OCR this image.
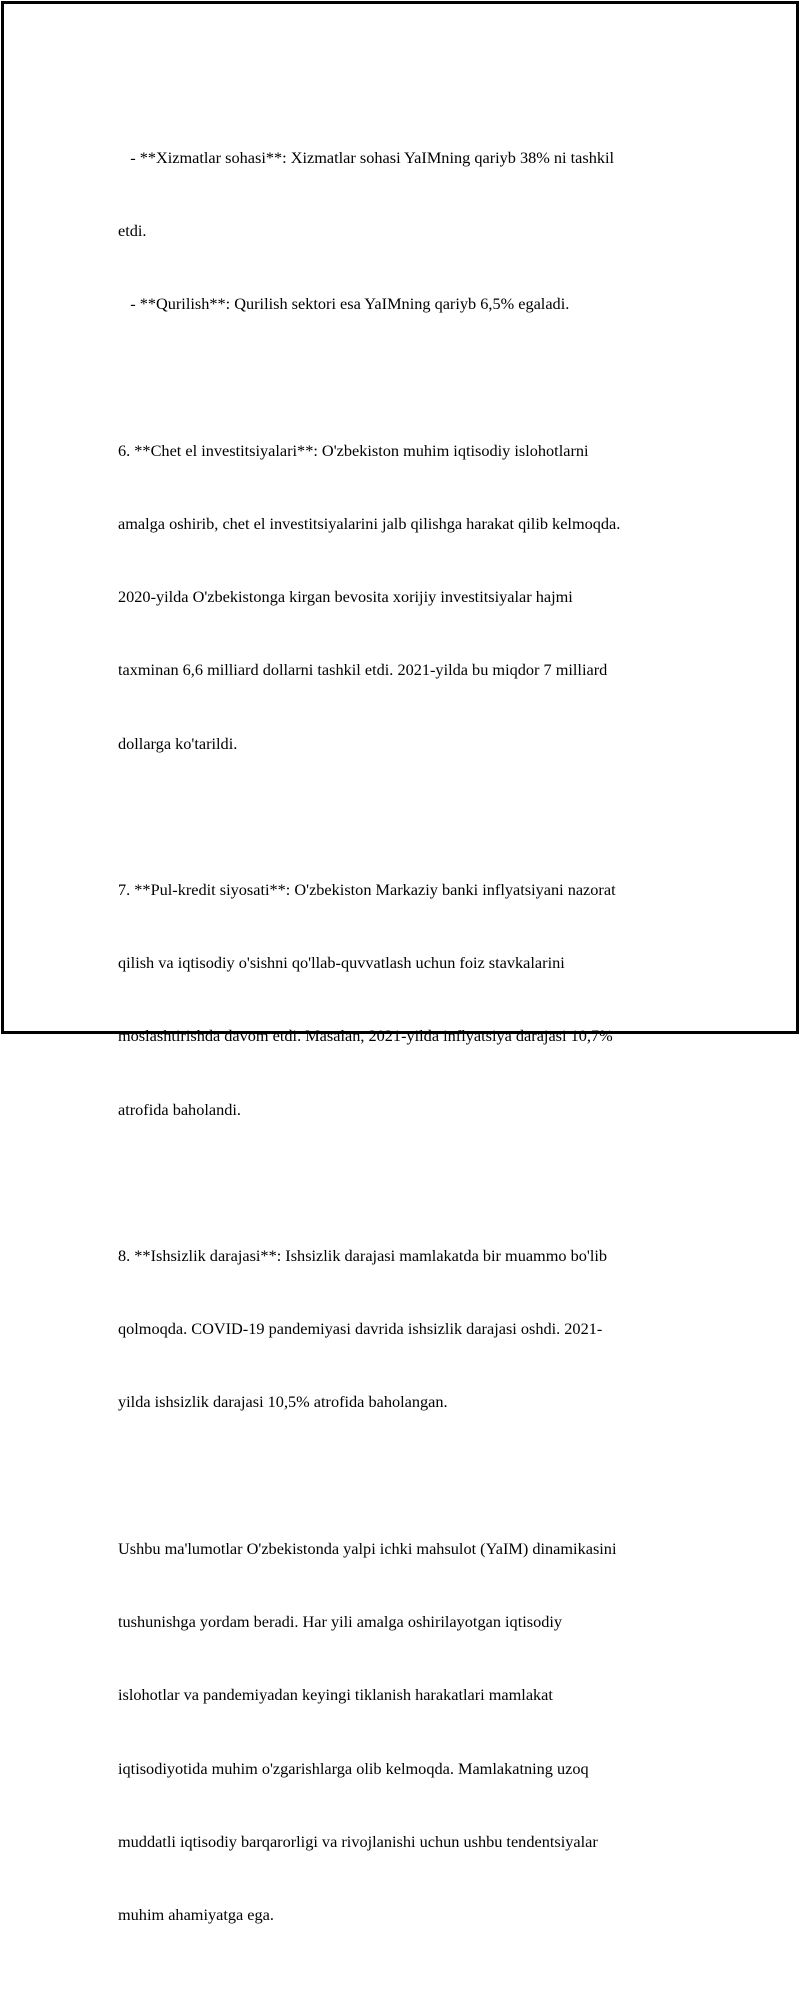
- **Xizmatlar sohasi**: Xizmatlar sohasi YaIMning qariyb 38% ni tashkil

etdi.

- **Qurilish**: Qurilish sektori esa YaIMning qariyb 6,5% egaladi.

6. **Chet el investitsiyalari**: O'zbekiston muhim iqtisodiy islohotlarni

amalga oshirib, chet el investitsiyalarini jalb qilishga harakat qilib kelmoqda.

2020-yilda O'zbekistonga kirgan bevosita xorijiy investitsiyalar hajmi

taxminan 6,6 milliard dollarni tashkil etdi. 2021-yilda bu miqdor 7 milliard

dollarga ko'tarildi.

7. **Pul-kredit siyosati**: O'zbekiston Markaziy banki inflyatsiyani nazorat

qilish va iqtisodiy o'sishni qo'llab-quvvatlash uchun foiz stavkalarini

moslashtirishda davom etdi. Masalan, 2021-yilda inflyatsiya darajasi 10,7%

atrofida baholandi.

8. **Ishsizlik darajasi**: Ishsizlik darajasi mamlakatda bir muammo bo'lib

qolmoqda. COVID-19 pandemiyasi davrida ishsizlik darajasi oshdi. 2021-

yilda ishsizlik darajasi 10,5% atrofida baholangan.

Ushbu ma'lumotlar O'zbekistonda yalpi ichki mahsulot (YaIM) dinamikasini

tushunishga yordam beradi. Har yili amalga oshirilayotgan iqtisodiy

islohotlar va pandemiyadan keyingi tiklanish harakatlari mamlakat

iqtisodiyotida muhim o'zgarishlarga olib kelmoqda. Mamlakatning uzoq

muddatli iqtisodiy barqarorligi va rivojlanishi uchun ushbu tendentsiyalar

muhim ahamiyatga ega.
